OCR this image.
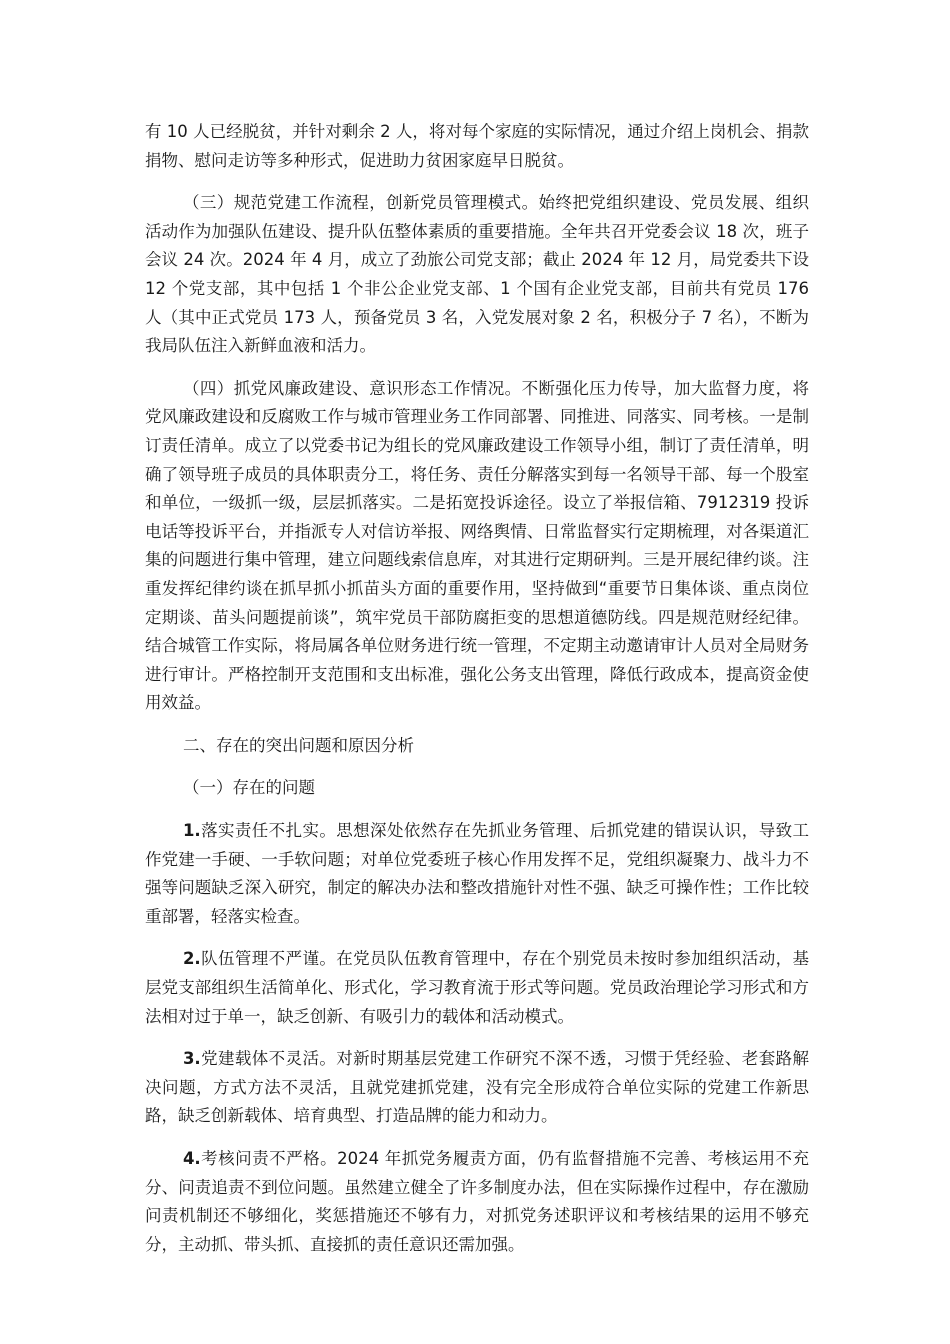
有 10 人已经脱贫，并针对剩余 2 人，将对每个家庭的实际情况，通过介绍上岗机会、捐款捐物、慰问走访等多种形式，促进助力贫困家庭早日脱贫。

（三）规范党建工作流程，创新党员管理模式。始终把党组织建设、党员发展、组织活动作为加强队伍建设、提升队伍整体素质的重要措施。全年共召开党委会议 18 次，班子会议 24 次。2024 年 4 月，成立了劲旅公司党支部；截止 2024 年 12 月，局党委共下设 12 个党支部，其中包括 1 个非公企业党支部、1 个国有企业党支部，目前共有党员 176 人（其中正式党员 173 人，预备党员 3 名，入党发展对象 2 名，积极分子 7 名），不断为我局队伍注入新鲜血液和活力。

（四）抓党风廉政建设、意识形态工作情况。不断强化压力传导，加大监督力度，将党风廉政建设和反腐败工作与城市管理业务工作同部署、同推进、同落实、同考核。一是制订责任清单。成立了以党委书记为组长的党风廉政建设工作领导小组，制订了责任清单，明确了领导班子成员的具体职责分工，将任务、责任分解落实到每一名领导干部、每一个股室和单位，一级抓一级，层层抓落实。二是拓宽投诉途径。设立了举报信箱、7912319 投诉电话等投诉平台，并指派专人对信访举报、网络舆情、日常监督实行定期梳理，对各渠道汇集的问题进行集中管理，建立问题线索信息库，对其进行定期研判。三是开展纪律约谈。注重发挥纪律约谈在抓早抓小抓苗头方面的重要作用，坚持做到“重要节日集体谈、重点岗位定期谈、苗头问题提前谈”，筑牢党员干部防腐拒变的思想道德防线。四是规范财经纪律。结合城管工作实际，将局属各单位财务进行统一管理，不定期主动邀请审计人员对全局财务进行审计。严格控制开支范围和支出标准，强化公务支出管理，降低行政成本，提高资金使用效益。

二、存在的突出问题和原因分析

（一）存在的问题

1.落实责任不扎实。思想深处依然存在先抓业务管理、后抓党建的错误认识，导致工作党建一手硬、一手软问题；对单位党委班子核心作用发挥不足，党组织凝聚力、战斗力不强等问题缺乏深入研究，制定的解决办法和整改措施针对性不强、缺乏可操作性；工作比较重部署，轻落实检查。

2.队伍管理不严谨。在党员队伍教育管理中，存在个别党员未按时参加组织活动，基层党支部组织生活简单化、形式化，学习教育流于形式等问题。党员政治理论学习形式和方法相对过于单一，缺乏创新、有吸引力的载体和活动模式。

3.党建载体不灵活。对新时期基层党建工作研究不深不透，习惯于凭经验、老套路解决问题，方式方法不灵活，且就党建抓党建，没有完全形成符合单位实际的党建工作新思路，缺乏创新载体、培育典型、打造品牌的能力和动力。

4.考核问责不严格。2024 年抓党务履责方面，仍有监督措施不完善、考核运用不充分、问责追责不到位问题。虽然建立健全了许多制度办法，但在实际操作过程中，存在激励问责机制还不够细化，奖惩措施还不够有力，对抓党务述职评议和考核结果的运用不够充分，主动抓、带头抓、直接抓的责任意识还需加强。
